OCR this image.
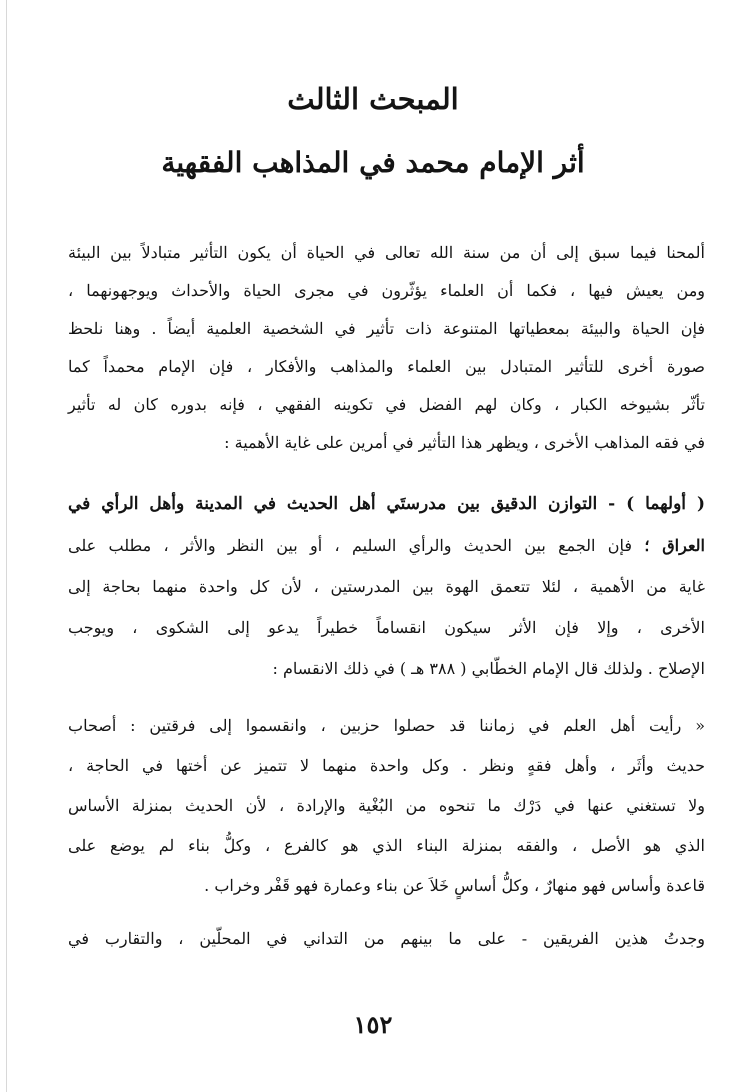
المبحث الثالث
أثر الإمام محمد في المذاهب الفقهية
ألمحنا فيما سبق إلى أن من سنة الله تعالى في الحياة أن يكون التأثير متبادلاً بين البيئة
ومن يعيش فيها ، فكما أن العلماء يؤثّرون في مجرى الحياة والأحداث ويوجهونهما ،
فإن الحياة والبيئة بمعطياتها المتنوعة ذات تأثير في الشخصية العلمية أيضاً . وهنا نلحظ
صورة أخرى للتأثير المتبادل بين العلماء والمذاهب والأفكار ، فإن الإمام محمداً كما
تأثّر بشيوخه الكبار ، وكان لهم الفضل في تكوينه الفقهي ، فإنه بدوره كان له تأثير
في فقه المذاهب الأخرى ، ويظهر هذا التأثير في أمرين على غاية الأهمية :
( أولهما ) - التوازن الدقيق بين مدرستَي أهل الحديث في المدينة وأهل الرأي في
العراق ؛ فإن الجمع بين الحديث والرأي السليم ، أو بين النظر والأثر ، مطلب على
غاية من الأهمية ، لئلا تتعمق الهوة بين المدرستين ، لأن كل واحدة منهما بحاجة إلى
الأخرى ، وإلا فإن الأثر سيكون انقساماً خطيراً يدعو إلى الشكوى ، ويوجب
الإصلاح . ولذلك قال الإمام الخطّابي ( ٣٨٨ هـ ) في ذلك الانقسام :
« رأيت أهل العلم في زماننا قد حصلوا حزبين ، وانقسموا إلى فرقتين : أصحاب
حديث وأثَر ، وأهل فقهٍ ونظر . وكل واحدة منهما لا تتميز عن أختها في الحاجة ،
ولا تستغني عنها في دَرْك ما تنحوه من البُغْية والإرادة ، لأن الحديث بمنزلة الأساس
الذي هو الأصل ، والفقه بمنزلة البناء الذي هو كالفرع ، وكلُّ بناء لم يوضع على
قاعدة وأساس فهو منهارٌ ، وكلُّ أساسٍ خَلاَ عن بناء وعمارة فهو قَفْر وخراب .
وجدتُ هذين الفريقين - على ما بينهم من التداني في المحلّين ، والتقارب في
١٥٢
